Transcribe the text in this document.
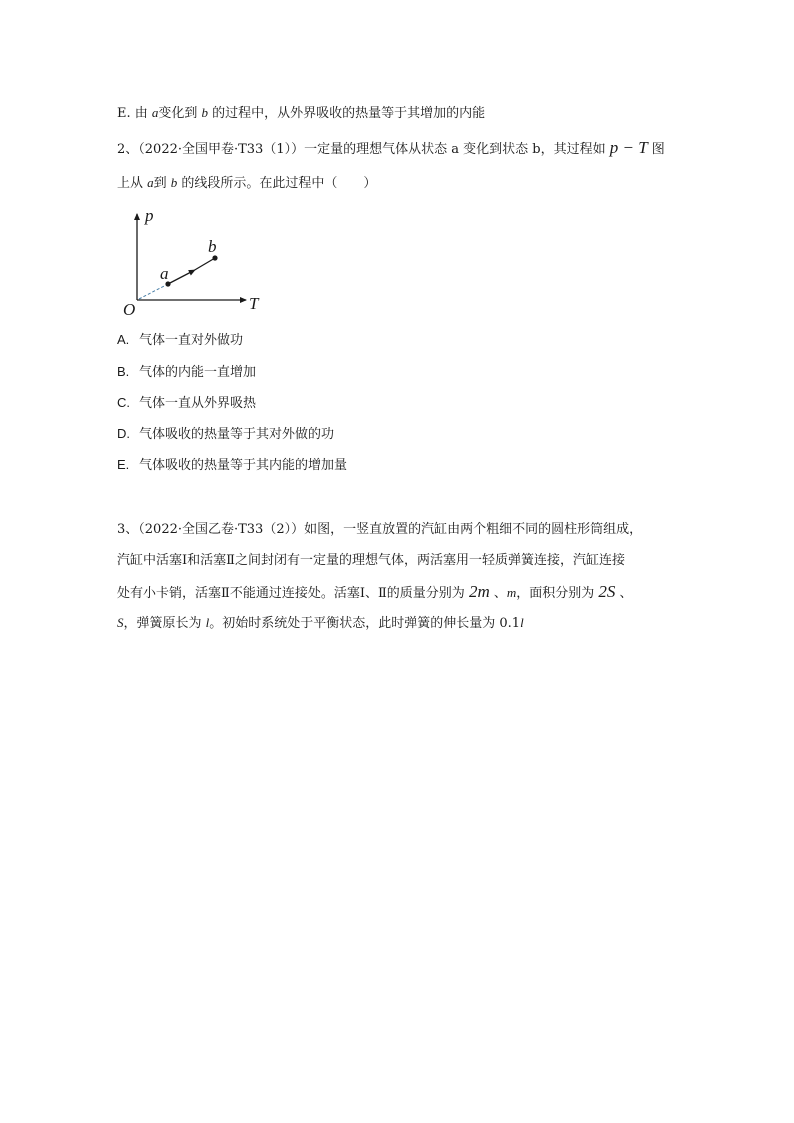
E. 由 a变化到 b 的过程中，从外界吸收的热量等于其增加的内能
2、（2022·全国甲卷·T33（1））一定量的理想气体从状态 a 变化到状态 b，其过程如 p − T 图
上从 a到 b 的线段所示。在此过程中（　　）
p
T
O
a
b
A. 气体一直对外做功
B. 气体的内能一直增加
C. 气体一直从外界吸热
D. 气体吸收的热量等于其对外做的功
E. 气体吸收的热量等于其内能的增加量
3、（2022·全国乙卷·T33（2））如图，一竖直放置的汽缸由两个粗细不同的圆柱形筒组成，
汽缸中活塞Ⅰ和活塞Ⅱ之间封闭有一定量的理想气体，两活塞用一轻质弹簧连接，汽缸连接
处有小卡销，活塞Ⅱ不能通过连接处。活塞Ⅰ、Ⅱ的质量分别为 2m 、m，面积分别为 2S 、
S，弹簧原长为 l。初始时系统处于平衡状态，此时弹簧的伸长量为 0.1l
